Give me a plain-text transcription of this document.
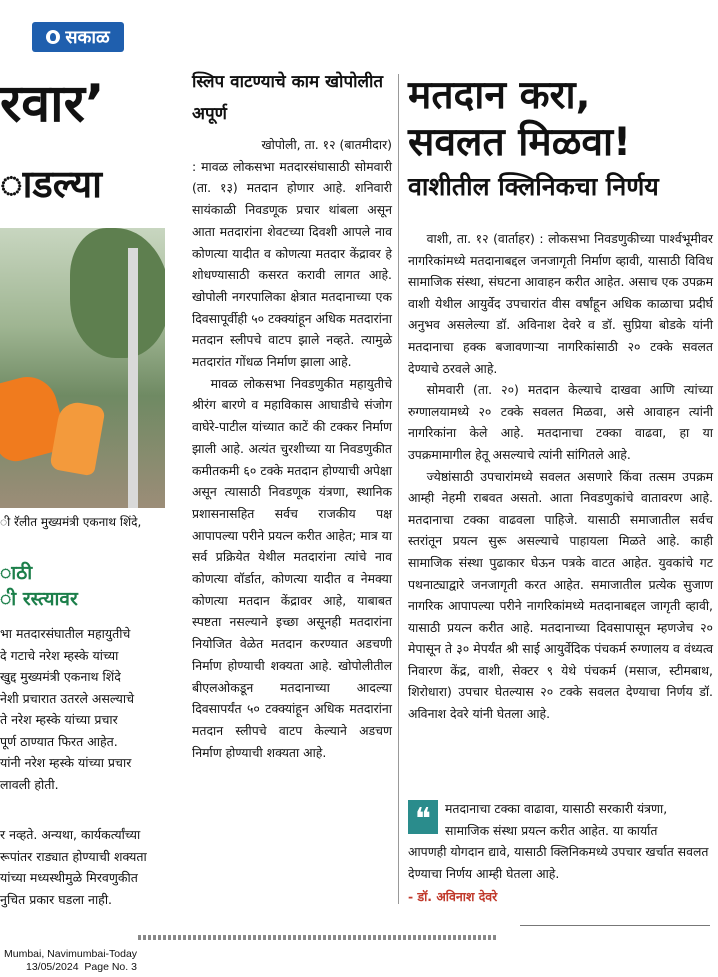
सकाळ
रवार’
ाडल्या
ी रॅलीत मुख्यमंत्री एकनाथ शिंदे,
ाठी
ी रस्त्यावर
भा मतदारसंघातील महायुतीचे
दे गटाचे नरेश म्हस्के यांच्या
खुद्द मुख्यमंत्री एकनाथ शिंदे
नेशी प्रचारात उतरले असल्याचे
ते नरेश म्हस्के यांच्या प्रचार
पूर्ण ठाण्यात फिरत आहेत.
यांनी नरेश म्हस्के यांच्या प्रचार
लावली होती.
र नव्हते. अन्यथा, कार्यकर्त्यांच्या
रूपांतर राड्यात होण्याची शक्यता
यांच्या मध्यस्थीमुळे मिरवणुकीत
नुचित प्रकार घडला नाही.
स्लिप वाटण्याचे काम खोपोलीत अपूर्ण

खोपोली, ता. १२ (बातमीदार)

: मावळ लोकसभा मतदारसंघासाठी सोमवारी (ता. १३) मतदान होणार आहे. शनिवारी सायंकाळी निवडणूक प्रचार थांबला असून आता मतदारांना शेवटच्या दिवशी आपले नाव कोणत्या यादीत व कोणत्या मतदार केंद्रावर हे शोधण्यासाठी कसरत करावी लागत आहे. खोपोली नगरपालिका क्षेत्रात मतदानाच्या एक दिवसापूर्वीही ५० टक्क्यांहून अधिक मतदारांना मतदान स्लीपचे वाटप झाले नव्हते. त्यामुळे मतदारांत गोंधळ निर्माण झाला आहे.

मावळ लोकसभा निवडणुकीत महायुतीचे श्रीरंग बारणे व महाविकास आघाडीचे संजोग वाघेरे-पाटील यांच्यात काटें की टक्कर निर्माण झाली आहे. अत्यंत चुरशीच्या या निवडणुकीत कमीतकमी ६० टक्के मतदान होण्याची अपेक्षा असून त्यासाठी निवडणूक यंत्रणा, स्थानिक प्रशासनासहित सर्वच राजकीय पक्ष आपापल्या परीने प्रयत्न करीत आहेत; मात्र या सर्व प्रक्रियेत येथील मतदारांना त्यांचे नाव कोणत्या वॉर्डात, कोणत्या यादीत व नेमक्या कोणत्या मतदान केंद्रावर आहे, याबाबत स्पष्टता नसल्याने इच्छा असूनही मतदारांना नियोजित वेळेत मतदान करण्यात अडचणी निर्माण होण्याची शक्यता आहे. खोपोलीतील बीएलओकडून मतदानाच्या आदल्या दिवसापर्यंत ५० टक्क्यांहून अधिक मतदारांना मतदान स्लीपचे वाटप केल्याने अडचण निर्माण होण्याची शक्यता आहे.

मतदान करा,
सवलत मिळवा!
वाशीतील क्लिनिकचा निर्णय

वाशी, ता. १२ (वार्ताहर) : लोकसभा निवडणुकीच्या पार्श्वभूमीवर नागरिकांमध्ये मतदानाबद्दल जनजागृती निर्माण व्हावी, यासाठी विविध सामाजिक संस्था, संघटना आवाहन करीत आहेत. असाच एक उपक्रम वाशी येथील आयुर्वेद उपचारांत वीस वर्षांहून अधिक काळाचा प्रदीर्घ अनुभव असलेल्या डॉ. अविनाश देवरे व डॉ. सुप्रिया बोडके यांनी मतदानाचा हक्क बजावणाऱ्या नागरिकांसाठी २० टक्के सवलत देण्याचे ठरवले आहे.

सोमवारी (ता. २०) मतदान केल्याचे दाखवा आणि त्यांच्या रुग्णालयामध्ये २० टक्के सवलत मिळवा, असे आवाहन त्यांनी नागरिकांना केले आहे. मतदानाचा टक्का वाढवा, हा या उपक्रमामागील हेतू असल्याचे त्यांनी सांगितले आहे.

ज्येष्ठांसाठी उपचारांमध्ये सवलत असणारे किंवा तत्सम उपक्रम आम्ही नेहमी राबवत असतो. आता निवडणुकांचे वातावरण आहे. मतदानाचा टक्का वाढवला पाहिजे. यासाठी समाजातील सर्वच स्तरांतून प्रयत्न सुरू असल्याचे पाहायला मिळते आहे. काही सामाजिक संस्था पुढाकार घेऊन पत्रके वाटत आहेत. युवकांचे गट पथनाट्याद्वारे जनजागृती करत आहेत. समाजातील प्रत्येक सुजाण नागरिक आपापल्या परीने नागरिकांमध्ये मतदानाबद्दल जागृती व्हावी, यासाठी प्रयत्न करीत आहे. मतदानाच्या दिवसापासून म्हणजेच २० मेपासून ते ३० मेपर्यंत श्री साई आयुर्वेदिक पंचकर्म रुग्णालय व वंध्यत्व निवारण केंद्र, वाशी, सेक्टर ९ येथे पंचकर्म (मसाज, स्टीमबाथ, शिरोधारा) उपचार घेतल्यास २० टक्के सवलत देण्याचा निर्णय डॉ. अविनाश देवरे यांनी घेतला आहे.

❝	मतदानाचा टक्का वाढावा, यासाठी सरकारी यंत्रणा, सामाजिक संस्था प्रयत्न करीत आहेत. या कार्यात
आपणही योगदान द्यावे, यासाठी क्लिनिकमध्ये उपचार खर्चात सवलत देण्याचा निर्णय आम्ही घेतला आहे.
- डॉ. अविनाश देवरे
Mumbai, Navimumbai-Today
13/05/2024  Page No. 3
